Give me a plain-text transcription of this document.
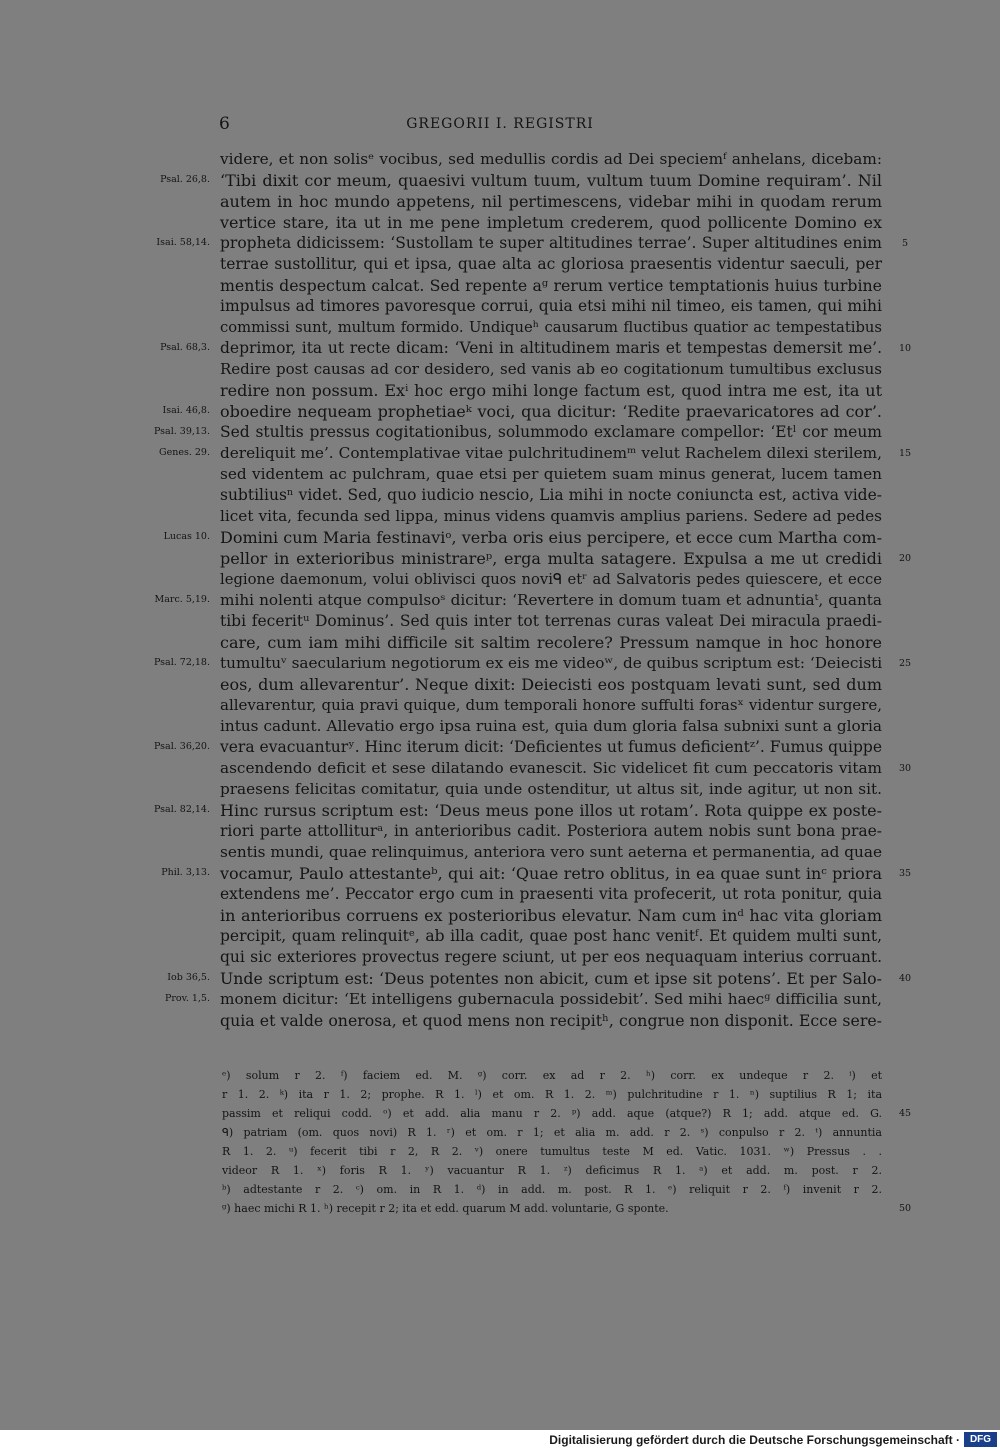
6	GREGORII I. REGISTRI
videre, et non solisᵉ vocibus, sed medullis cordis ad Dei speciemᶠ anhelans, dicebam:
Psal. 26,8. ‘Tibi dixit cor meum, quaesivi vultum tuum, vultum tuum Domine requiram’. Nil
autem in hoc mundo appetens, nil pertimescens, videbar mihi in quodam rerum
vertice stare, ita ut in me pene impletum crederem, quod pollicente Domino ex
Isai. 58,14. propheta didicissem: ‘Sustollam te super altitudines terrae’. Super altitudines enim	5
terrae sustollitur, qui et ipsa, quae alta ac gloriosa praesentis videntur saeculi, per
mentis despectum calcat. Sed repente aᵍ rerum vertice temptationis huius turbine
impulsus ad timores pavoresque corrui, quia etsi mihi nil timeo, eis tamen, qui mihi
commissi sunt, multum formido. Undiqueʰ causarum fluctibus quatior ac tempestatibus
Psal. 68,3. deprimor, ita ut recte dicam: ‘Veni in altitudinem maris et tempestas demersit me’.	10
Redire post causas ad cor desidero, sed vanis ab eo cogitationum tumultibus exclusus
redire non possum. Exⁱ hoc ergo mihi longe factum est, quod intra me est, ita ut
Isai. 46,8. oboedire nequeam prophetiaeᵏ voci, qua dicitur: ‘Redite praevaricatores ad cor’.
Psal. 39,13. Sed stultis pressus cogitationibus, solummodo exclamare compellor: ‘Etˡ cor meum
Genes. 29. dereliquit me’. Contemplativae vitae pulchritudinemᵐ velut Rachelem dilexi sterilem,	15
sed videntem ac pulchram, quae etsi per quietem suam minus generat, lucem tamen
subtiliusⁿ videt. Sed, quo iudicio nescio, Lia mihi in nocte coniuncta est, activa vide-
licet vita, fecunda sed lippa, minus videns quamvis amplius pariens. Sedere ad pedes
Lucas 10. Domini cum Maria festinaviᵒ, verba oris eius percipere, et ecce cum Martha com-
pellor in exterioribus ministrareᵖ, erga multa satagere. Expulsa a me ut credidi	20
legione daemonum, volui oblivisci quos noviᑫ etʳ ad Salvatoris pedes quiescere, et ecce
Marc. 5,19. mihi nolenti atque compulsoˢ dicitur: ‘Revertere in domum tuam et adnuntiaᵗ, quanta
tibi feceritᵘ Dominus’. Sed quis inter tot terrenas curas valeat Dei miracula praedi-
care, cum iam mihi difficile sit saltim recolere? Pressum namque in hoc honore
Psal. 72,18. tumultuᵛ saecularium negotiorum ex eis me videoʷ, de quibus scriptum est: ‘Deiecisti	25
eos, dum allevarentur’. Neque dixit: Deiecisti eos postquam levati sunt, sed dum
allevarentur, quia pravi quique, dum temporali honore suffulti forasˣ videntur surgere,
intus cadunt. Allevatio ergo ipsa ruina est, quia dum gloria falsa subnixi sunt a gloria
Psal. 36,20. vera evacuanturʸ. Hinc iterum dicit: ‘Deficientes ut fumus deficientᶻ’. Fumus quippe
ascendendo deficit et sese dilatando evanescit. Sic videlicet fit cum peccatoris vitam	30
praesens felicitas comitatur, quia unde ostenditur, ut altus sit, inde agitur, ut non sit.
Psal. 82,14. Hinc rursus scriptum est: ‘Deus meus pone illos ut rotam’. Rota quippe ex poste-
riori parte attolliturᵃ, in anterioribus cadit. Posteriora autem nobis sunt bona prae-
sentis mundi, quae relinquimus, anteriora vero sunt aeterna et permanentia, ad quae
Phil. 3,13. vocamur, Paulo attestanteᵇ, qui ait: ‘Quae retro oblitus, in ea quae sunt inᶜ priora	35
extendens me’. Peccator ergo cum in praesenti vita profecerit, ut rota ponitur, quia
in anterioribus corruens ex posterioribus elevatur. Nam cum inᵈ hac vita gloriam
percipit, quam relinquitᵉ, ab illa cadit, quae post hanc venitᶠ. Et quidem multi sunt,
qui sic exteriores provectus regere sciunt, ut per eos nequaquam interius corruant.
Iob 36,5. Unde scriptum est: ‘Deus potentes non abicit, cum et ipse sit potens’. Et per Salo-	40
Prov. 1,5. monem dicitur: ‘Et intelligens gubernacula possidebit’. Sed mihi haecᵍ difficilia sunt,
quia et valde onerosa, et quod mens non recipitʰ, congrue non disponit. Ecce sere-
ᵉ) solum r 2. ᶠ) faciem ed. M. ᵍ) corr. ex ad r 2. ʰ) corr. ex undeque r 2. ⁱ) et
r 1. 2. ᵏ) ita r 1. 2; prophe. R 1. ˡ) et om. R 1. 2. ᵐ) pulchritudine r 1. ⁿ) suptilius R 1; ita
passim et reliqui codd. ᵒ) et add. alia manu r 2. ᵖ) add. aque (atque?) R 1; add. atque ed. G.	45
ᑫ) patriam (om. quos novi) R 1. ʳ) et om. r 1; et alia m. add. r 2. ˢ) conpulso r 2. ᵗ) annuntia
R 1. 2. ᵘ) fecerit tibi r 2, R 2. ᵛ) onere tumultus teste M ed. Vatic. 1031. ʷ) Pressus . .
videor R 1. ˣ) foris R 1. ʸ) vacuantur R 1. ᶻ) deficimus R 1. ᵃ) et add. m. post. r 2.
ᵇ) adtestante r 2. ᶜ) om. in R 1. ᵈ) in add. m. post. R 1. ᵉ) reliquit r 2. ᶠ) invenit r 2.
ᵍ) haec michi R 1. ʰ) recepit r 2; ita et edd. quarum M add. voluntarie, G sponte.	50
Digitalisierung gefördert durch die Deutsche Forschungsgemeinschaft · DFG
